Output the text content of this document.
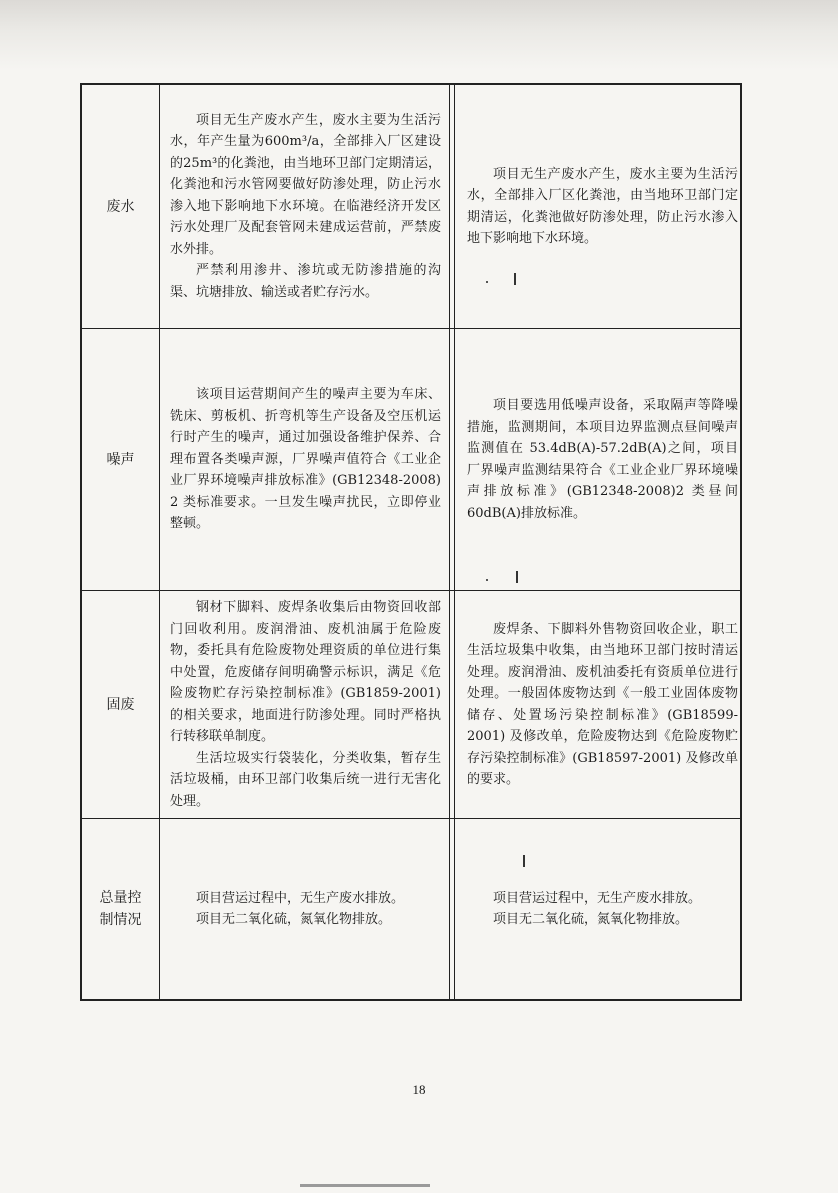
废水

项目无生产废水产生，废水主要为生活污水，年产生量为600m³/a，全部排入厂区建设的25m³的化粪池，由当地环卫部门定期清运，化粪池和污水管网要做好防渗处理，防止污水渗入地下影响地下水环境。在临港经济开发区污水处理厂及配套管网未建成运营前，严禁废水外排。

严禁利用渗井、渗坑或无防渗措施的沟渠、坑塘排放、输送或者贮存污水。

项目无生产废水产生，废水主要为生活污水，全部排入厂区化粪池，由当地环卫部门定期清运，化粪池做好防渗处理，防止污水渗入地下影响地下水环境。

噪声

该项目运营期间产生的噪声主要为车床、铣床、剪板机、折弯机等生产设备及空压机运行时产生的噪声，通过加强设备维护保养、合理布置各类噪声源，厂界噪声值符合《工业企业厂界环境噪声排放标准》(GB12348-2008) 2 类标准要求。一旦发生噪声扰民，立即停业整顿。

项目要选用低噪声设备，采取隔声等降噪措施，监测期间，本项目边界监测点昼间噪声监测值在 53.4dB(A)-57.2dB(A)之间，项目厂界噪声监测结果符合《工业企业厂界环境噪声排放标准》(GB12348-2008)2 类昼间 60dB(A)排放标准。

固废

钢材下脚料、废焊条收集后由物资回收部门回收利用。废润滑油、废机油属于危险废物，委托具有危险废物处理资质的单位进行集中处置，危废储存间明确警示标识，满足《危险废物贮存污染控制标准》(GB1859-2001) 的相关要求，地面进行防渗处理。同时严格执行转移联单制度。

生活垃圾实行袋装化，分类收集，暂存生活垃圾桶，由环卫部门收集后统一进行无害化处理。

废焊条、下脚料外售物资回收企业，职工生活垃圾集中收集，由当地环卫部门按时清运处理。废润滑油、废机油委托有资质单位进行处理。一般固体废物达到《一般工业固体废物储存、处置场污染控制标准》(GB18599-2001) 及修改单，危险废物达到《危险废物贮存污染控制标准》(GB18597-2001) 及修改单的要求。

总量控制情况

项目营运过程中，无生产废水排放。

项目无二氧化硫，氮氧化物排放。

项目营运过程中，无生产废水排放。

项目无二氧化硫，氮氧化物排放。

18
